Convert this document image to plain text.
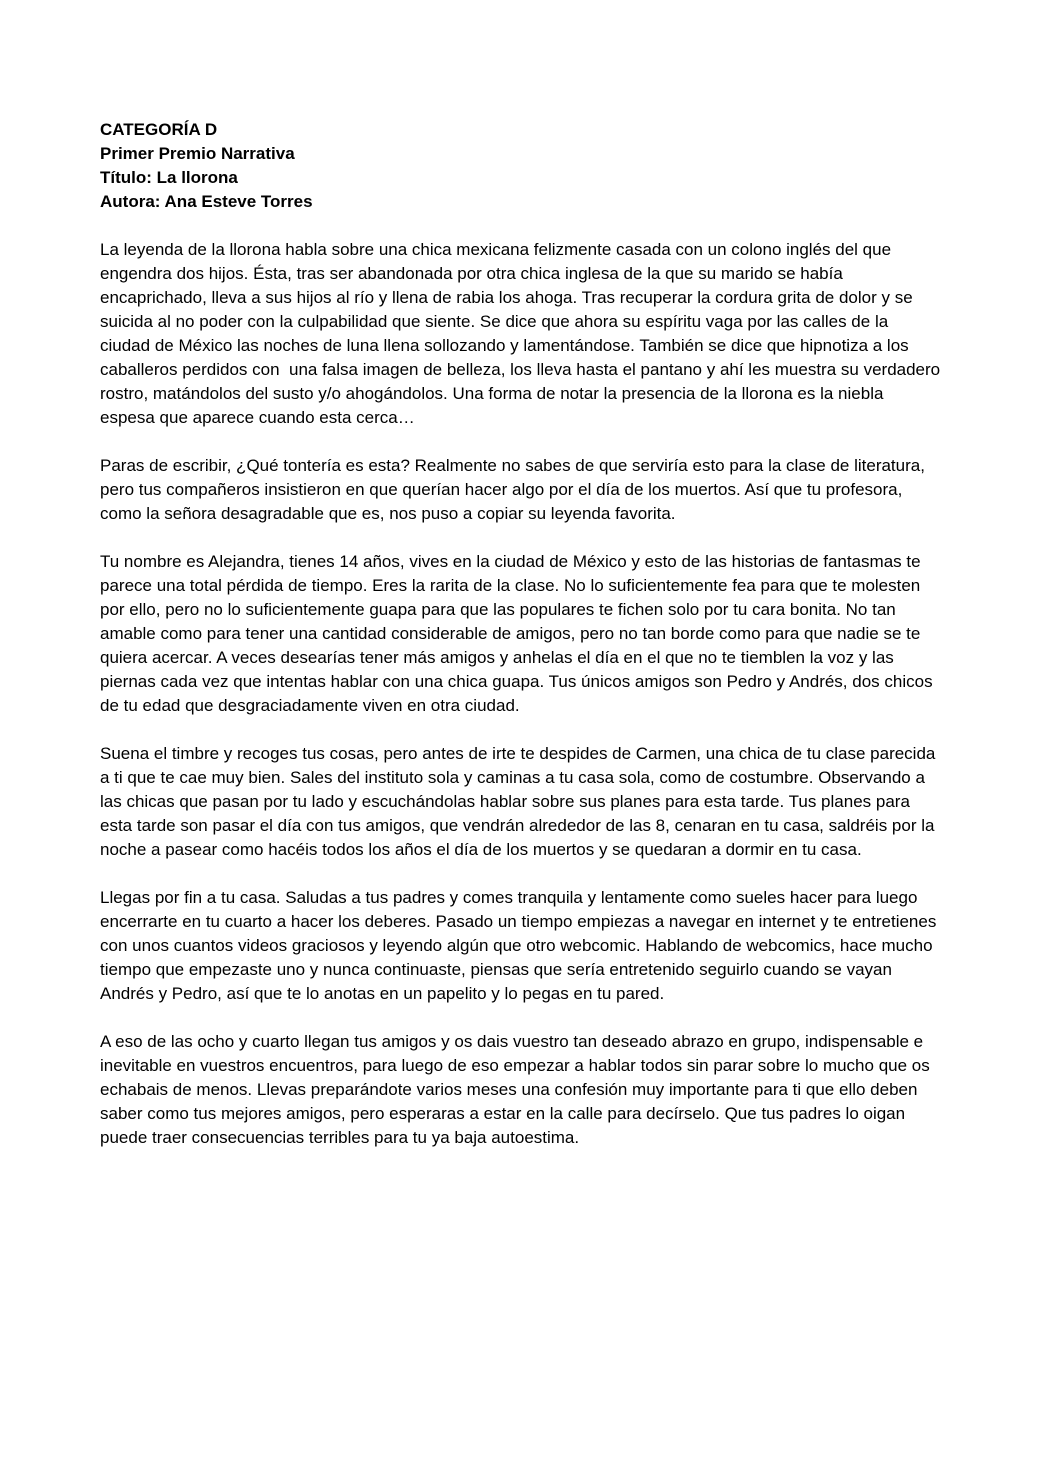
CATEGORÍA D
Primer Premio Narrativa
Título: La llorona
Autora: Ana Esteve Torres

La leyenda de la llorona habla sobre una chica mexicana felizmente casada con un colono inglés del que engendra dos hijos. Ésta, tras ser abandonada por otra chica inglesa de la que su marido se había encaprichado, lleva a sus hijos al río y llena de rabia los ahoga. Tras recuperar la cordura grita de dolor y se suicida al no poder con la culpabilidad que siente. Se dice que ahora su espíritu vaga por las calles de la ciudad de México las noches de luna llena sollozando y lamentándose. También se dice que hipnotiza a los caballeros perdidos con  una falsa imagen de belleza, los lleva hasta el pantano y ahí les muestra su verdadero rostro, matándolos del susto y/o ahogándolos. Una forma de notar la presencia de la llorona es la niebla espesa que aparece cuando esta cerca…

Paras de escribir, ¿Qué tontería es esta? Realmente no sabes de que serviría esto para la clase de literatura, pero tus compañeros insistieron en que querían hacer algo por el día de los muertos. Así que tu profesora, como la señora desagradable que es, nos puso a copiar su leyenda favorita.

Tu nombre es Alejandra, tienes 14 años, vives en la ciudad de México y esto de las historias de fantasmas te parece una total pérdida de tiempo. Eres la rarita de la clase. No lo suficientemente fea para que te molesten por ello, pero no lo suficientemente guapa para que las populares te fichen solo por tu cara bonita. No tan amable como para tener una cantidad considerable de amigos, pero no tan borde como para que nadie se te quiera acercar. A veces desearías tener más amigos y anhelas el día en el que no te tiemblen la voz y las piernas cada vez que intentas hablar con una chica guapa. Tus únicos amigos son Pedro y Andrés, dos chicos de tu edad que desgraciadamente viven en otra ciudad.

Suena el timbre y recoges tus cosas, pero antes de irte te despides de Carmen, una chica de tu clase parecida a ti que te cae muy bien. Sales del instituto sola y caminas a tu casa sola, como de costumbre. Observando a las chicas que pasan por tu lado y escuchándolas hablar sobre sus planes para esta tarde. Tus planes para esta tarde son pasar el día con tus amigos, que vendrán alrededor de las 8, cenaran en tu casa, saldréis por la noche a pasear como hacéis todos los años el día de los muertos y se quedaran a dormir en tu casa.

Llegas por fin a tu casa. Saludas a tus padres y comes tranquila y lentamente como sueles hacer para luego encerrarte en tu cuarto a hacer los deberes. Pasado un tiempo empiezas a navegar en internet y te entretienes con unos cuantos videos graciosos y leyendo algún que otro webcomic. Hablando de webcomics, hace mucho tiempo que empezaste uno y nunca continuaste, piensas que sería entretenido seguirlo cuando se vayan Andrés y Pedro, así que te lo anotas en un papelito y lo pegas en tu pared.

A eso de las ocho y cuarto llegan tus amigos y os dais vuestro tan deseado abrazo en grupo, indispensable e inevitable en vuestros encuentros, para luego de eso empezar a hablar todos sin parar sobre lo mucho que os echabais de menos. Llevas preparándote varios meses una confesión muy importante para ti que ello deben saber como tus mejores amigos, pero esperaras a estar en la calle para decírselo. Que tus padres lo oigan puede traer consecuencias terribles para tu ya baja autoestima.
